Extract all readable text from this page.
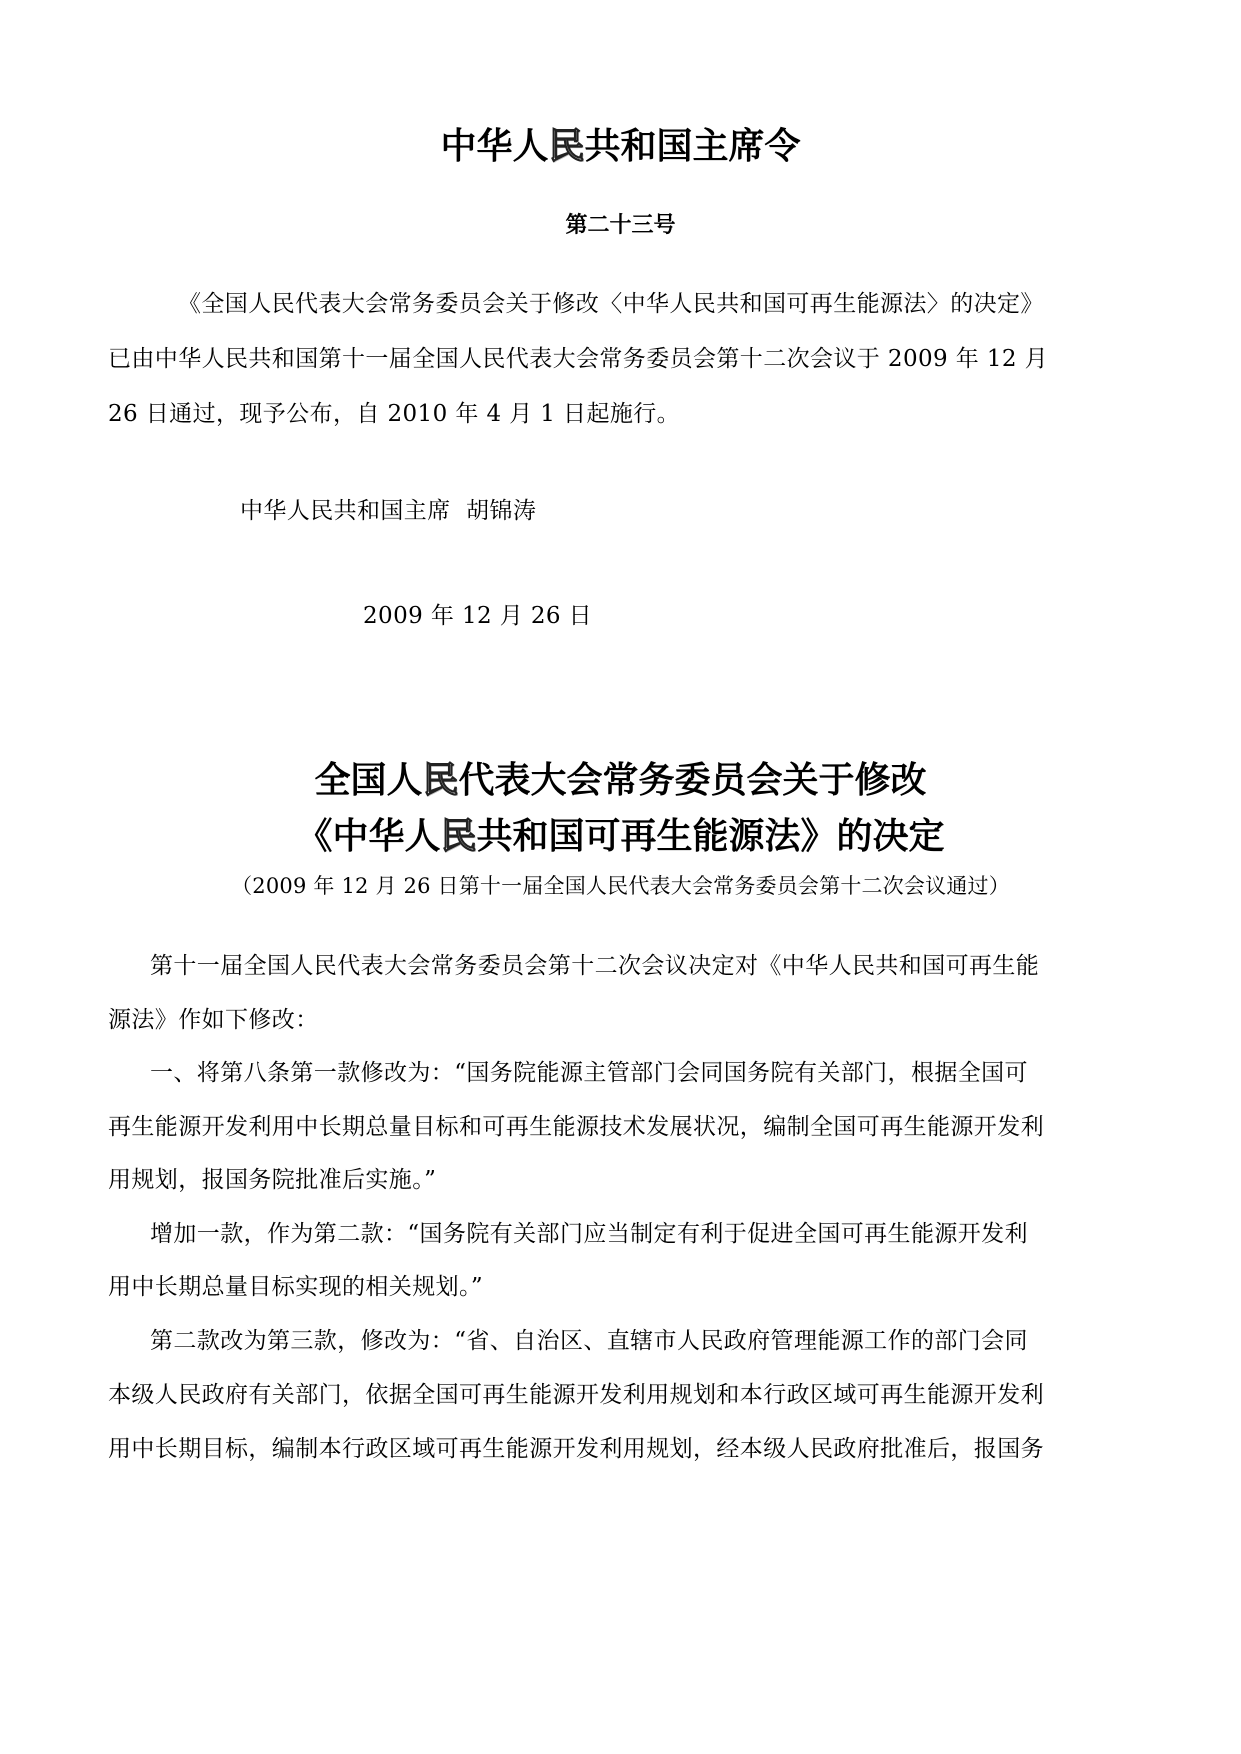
中华人民共和国主席令
第二十三号
《全国人民代表大会常务委员会关于修改〈中华人民共和国可再生能源法〉的决定》
已由中华人民共和国第十一届全国人民代表大会常务委员会第十二次会议于 2009 年 12 月
26 日通过，现予公布，自 2010 年 4 月 1 日起施行。
中华人民共和国主席  胡锦涛
2009 年 12 月 26 日
全国人民代表大会常务委员会关于修改
《中华人民共和国可再生能源法》的决定
（2009 年 12 月 26 日第十一届全国人民代表大会常务委员会第十二次会议通过）
第十一届全国人民代表大会常务委员会第十二次会议决定对《中华人民共和国可再生能
源法》作如下修改：
一、将第八条第一款修改为：“国务院能源主管部门会同国务院有关部门，根据全国可
再生能源开发利用中长期总量目标和可再生能源技术发展状况，编制全国可再生能源开发利
用规划，报国务院批准后实施。”
增加一款，作为第二款：“国务院有关部门应当制定有利于促进全国可再生能源开发利
用中长期总量目标实现的相关规划。”
第二款改为第三款，修改为：“省、自治区、直辖市人民政府管理能源工作的部门会同
本级人民政府有关部门，依据全国可再生能源开发利用规划和本行政区域可再生能源开发利
用中长期目标，编制本行政区域可再生能源开发利用规划，经本级人民政府批准后，报国务
